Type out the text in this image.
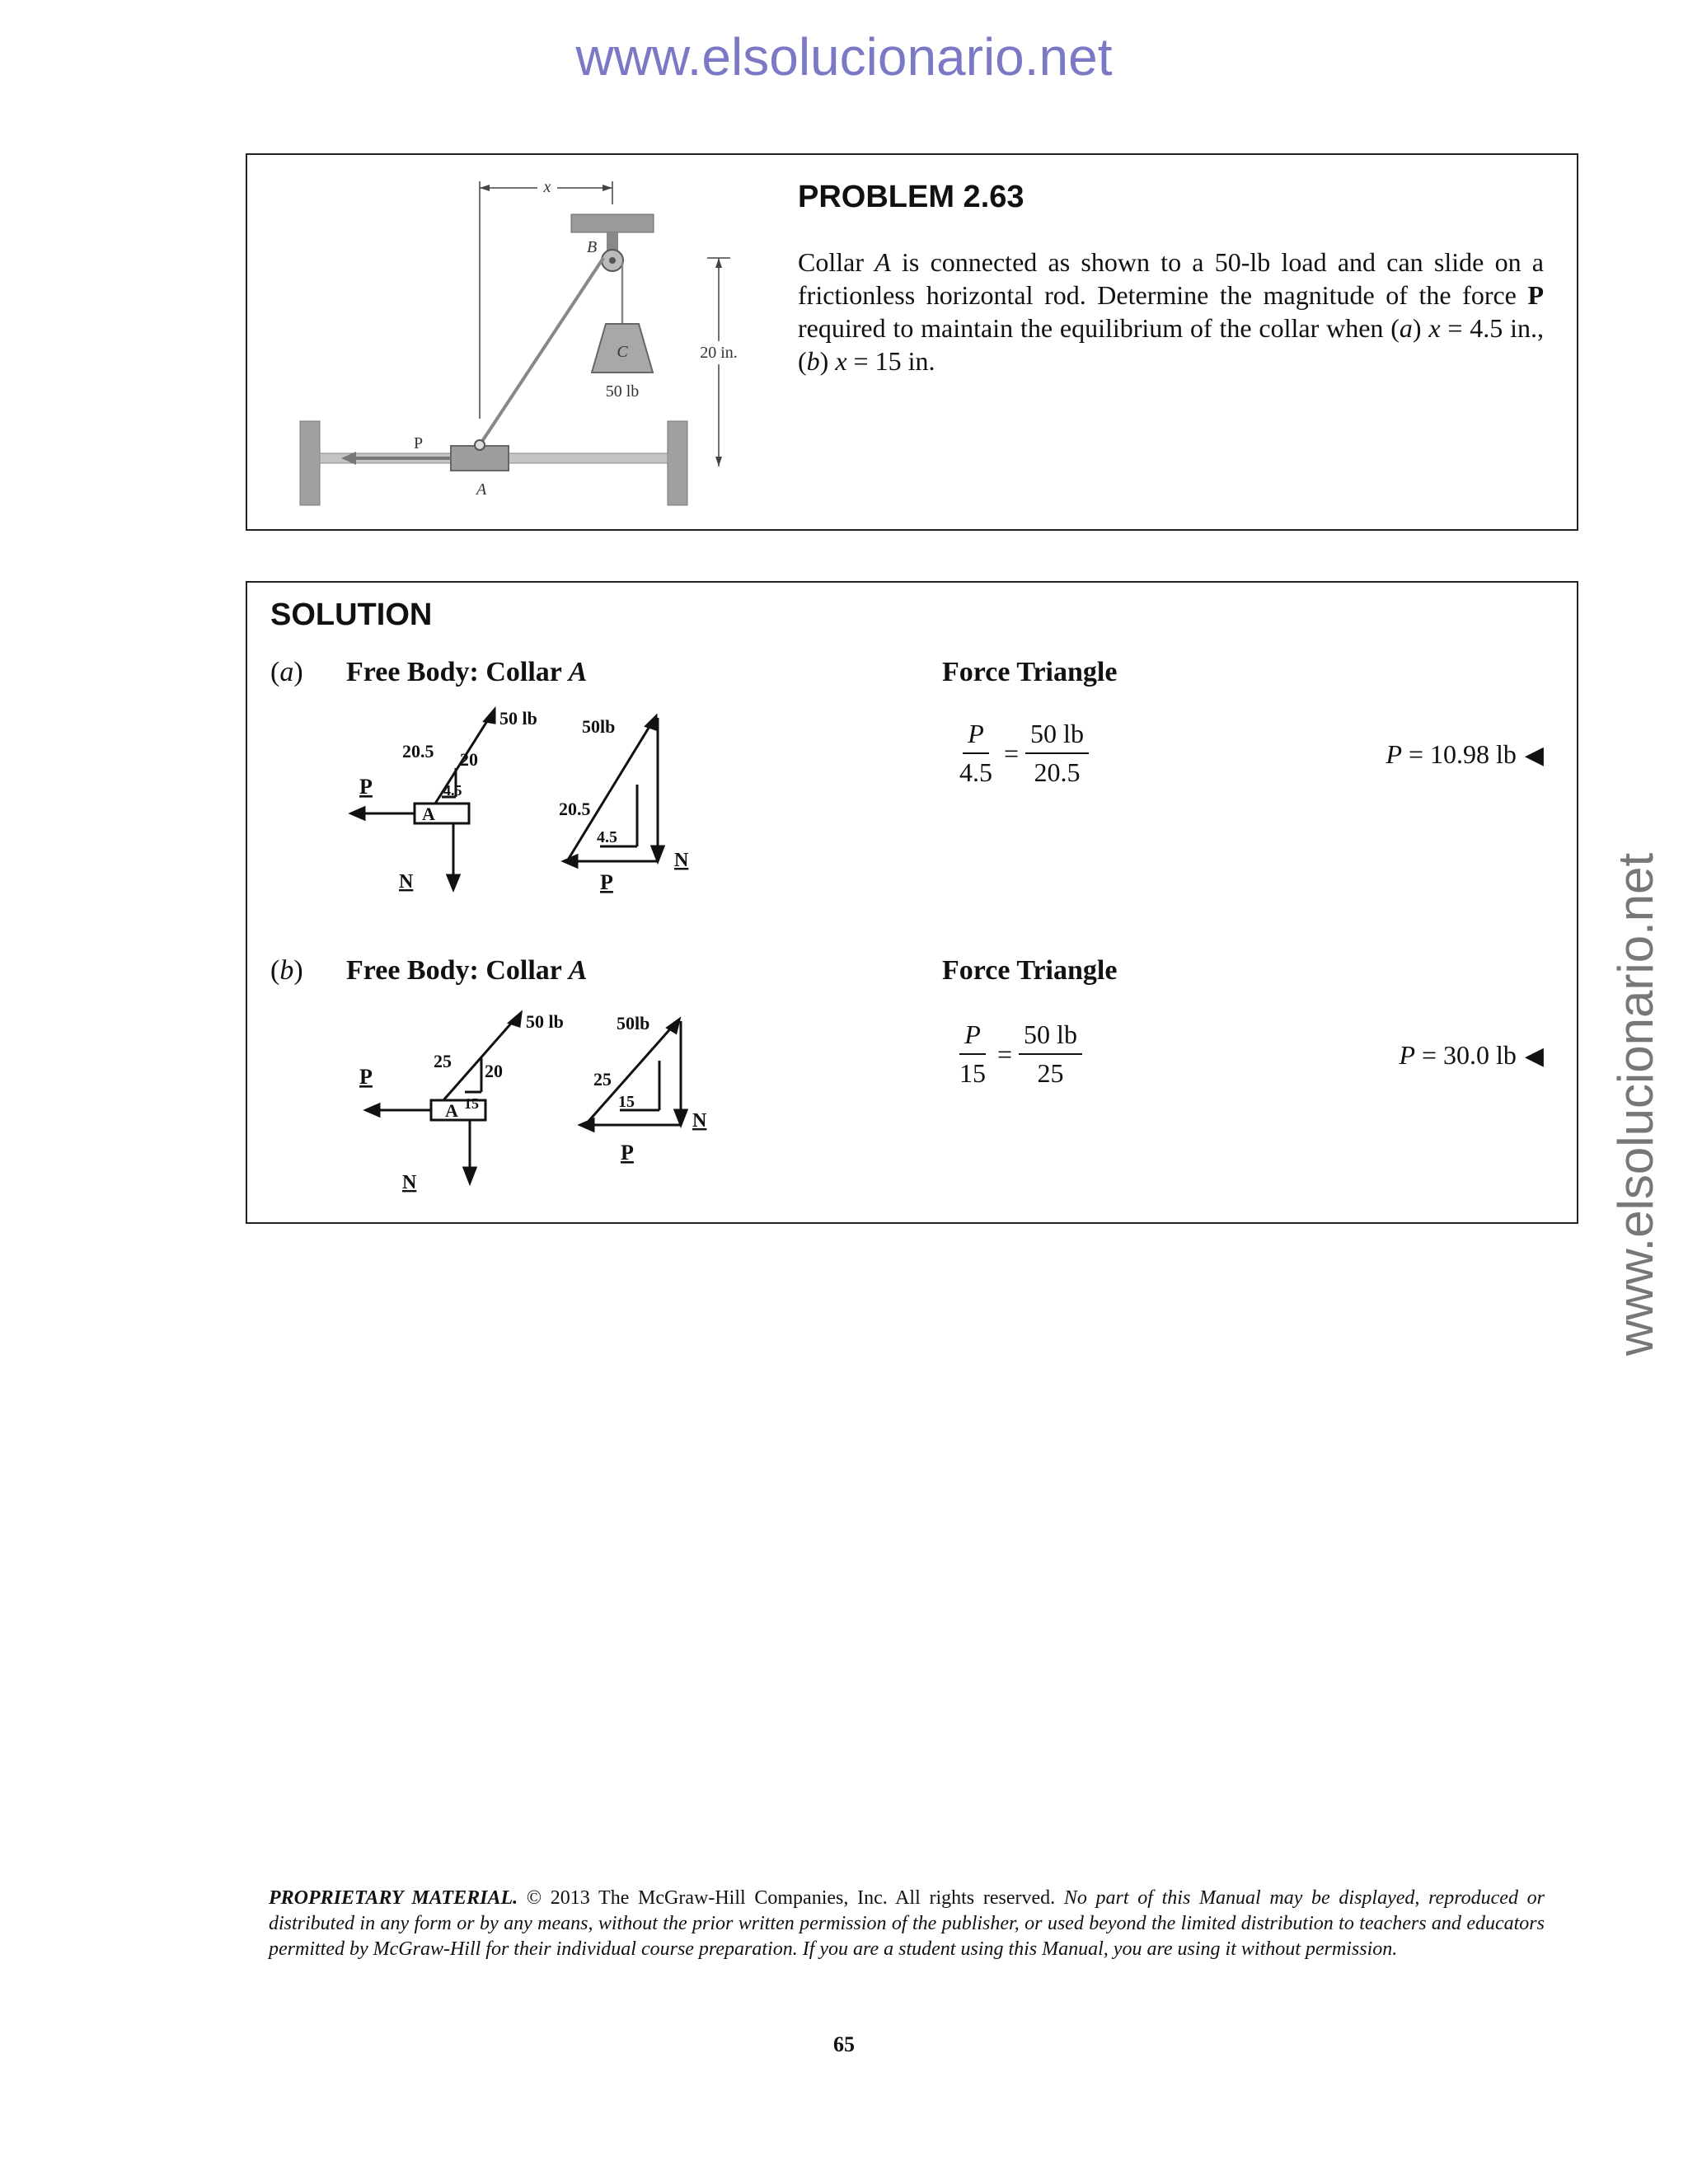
www.elsolucionario.net
www.elsolucionario.net
x
B
C
50 lb
20 in.
P
A
PROBLEM 2.63
Collar A is connected as shown to a 50-lb load and can slide on a frictionless horizontal rod. Determine the magnitude of the force P required to maintain the equilibrium of the collar when (a) x = 4.5 in., (b) x = 15 in.
SOLUTION
(a) Free Body: Collar A	Force Triangle
50 lb
20.5 20
4.5
P
A
N
50lb
20.5
4.5
P
N
$\frac{P}{4.5} = \frac{50 lb}{20.5}$	P = 10.98 lb ◀
(b) Free Body: Collar A	Force Triangle
50 lb
25 20
15
P
A
N
50lb
25
15
P
N
$\frac{P}{15} = \frac{50 lb}{25}$	P = 30.0 lb ◀
PROPRIETARY MATERIAL. © 2013 The McGraw-Hill Companies, Inc. All rights reserved. No part of this Manual may be displayed, reproduced or distributed in any form or by any means, without the prior written permission of the publisher, or used beyond the limited distribution to teachers and educators permitted by McGraw-Hill for their individual course preparation. If you are a student using this Manual, you are using it without permission.
65
